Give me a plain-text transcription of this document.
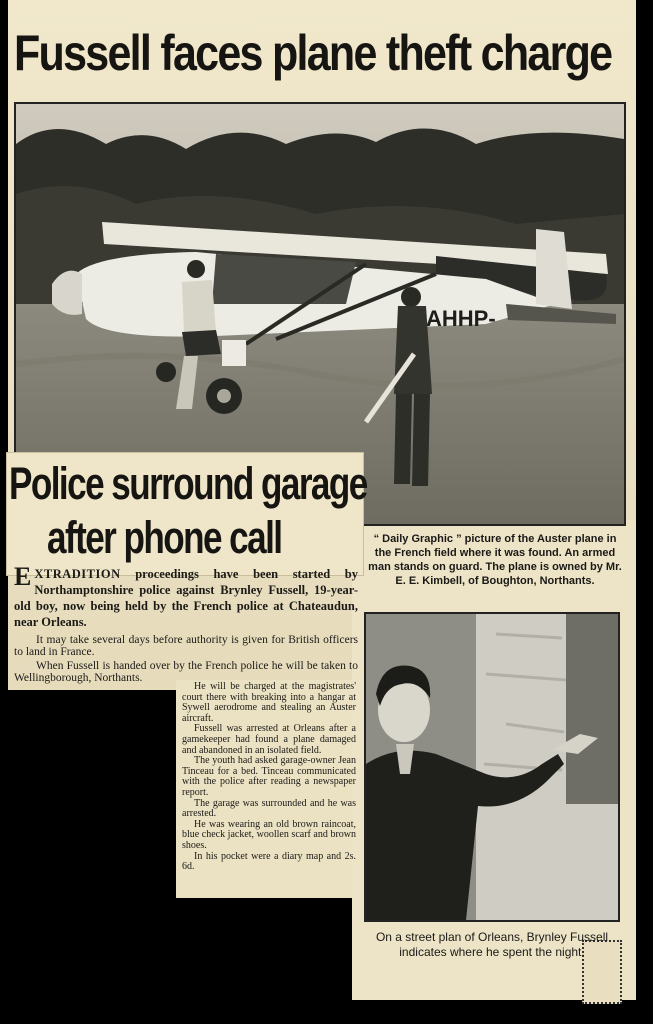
Fussell faces plane theft charge
AHHP-
“ Daily Graphic ” picture of the Auster plane in the French field where it was found. An armed man stands on guard. The plane is owned by Mr. E. E. Kimbell, of Boughton, Northants.
Police surround garage
after phone call
EXTRADITION proceedings have been started by Northamptonshire police against Brynley Fussell, 19-year-old boy, now being held by the French police at Chateaudun, near Orleans.
It may take several days before authority is given for British officers to land in France.
When Fussell is handed over by the French police he will be taken to Wellingborough, Northants.

He will be charged at the magistrates' court there with breaking into a hangar at Sywell aerodrome and stealing an Auster aircraft.

Fussell was arrested at Orleans after a gamekeeper had found a plane damaged and abandoned in an isolated field.

The youth had asked garage-owner Jean Tinceau for a bed. Tinceau communicated with the police after reading a newspaper report.

The garage was surrounded and he was arrested.

He was wearing an old brown raincoat, blue check jacket, woollen scarf and brown shoes.

In his pocket were a diary map and 2s. 6d.

On a street plan of Orleans, Brynley Fussell indicates where he spent the night.
